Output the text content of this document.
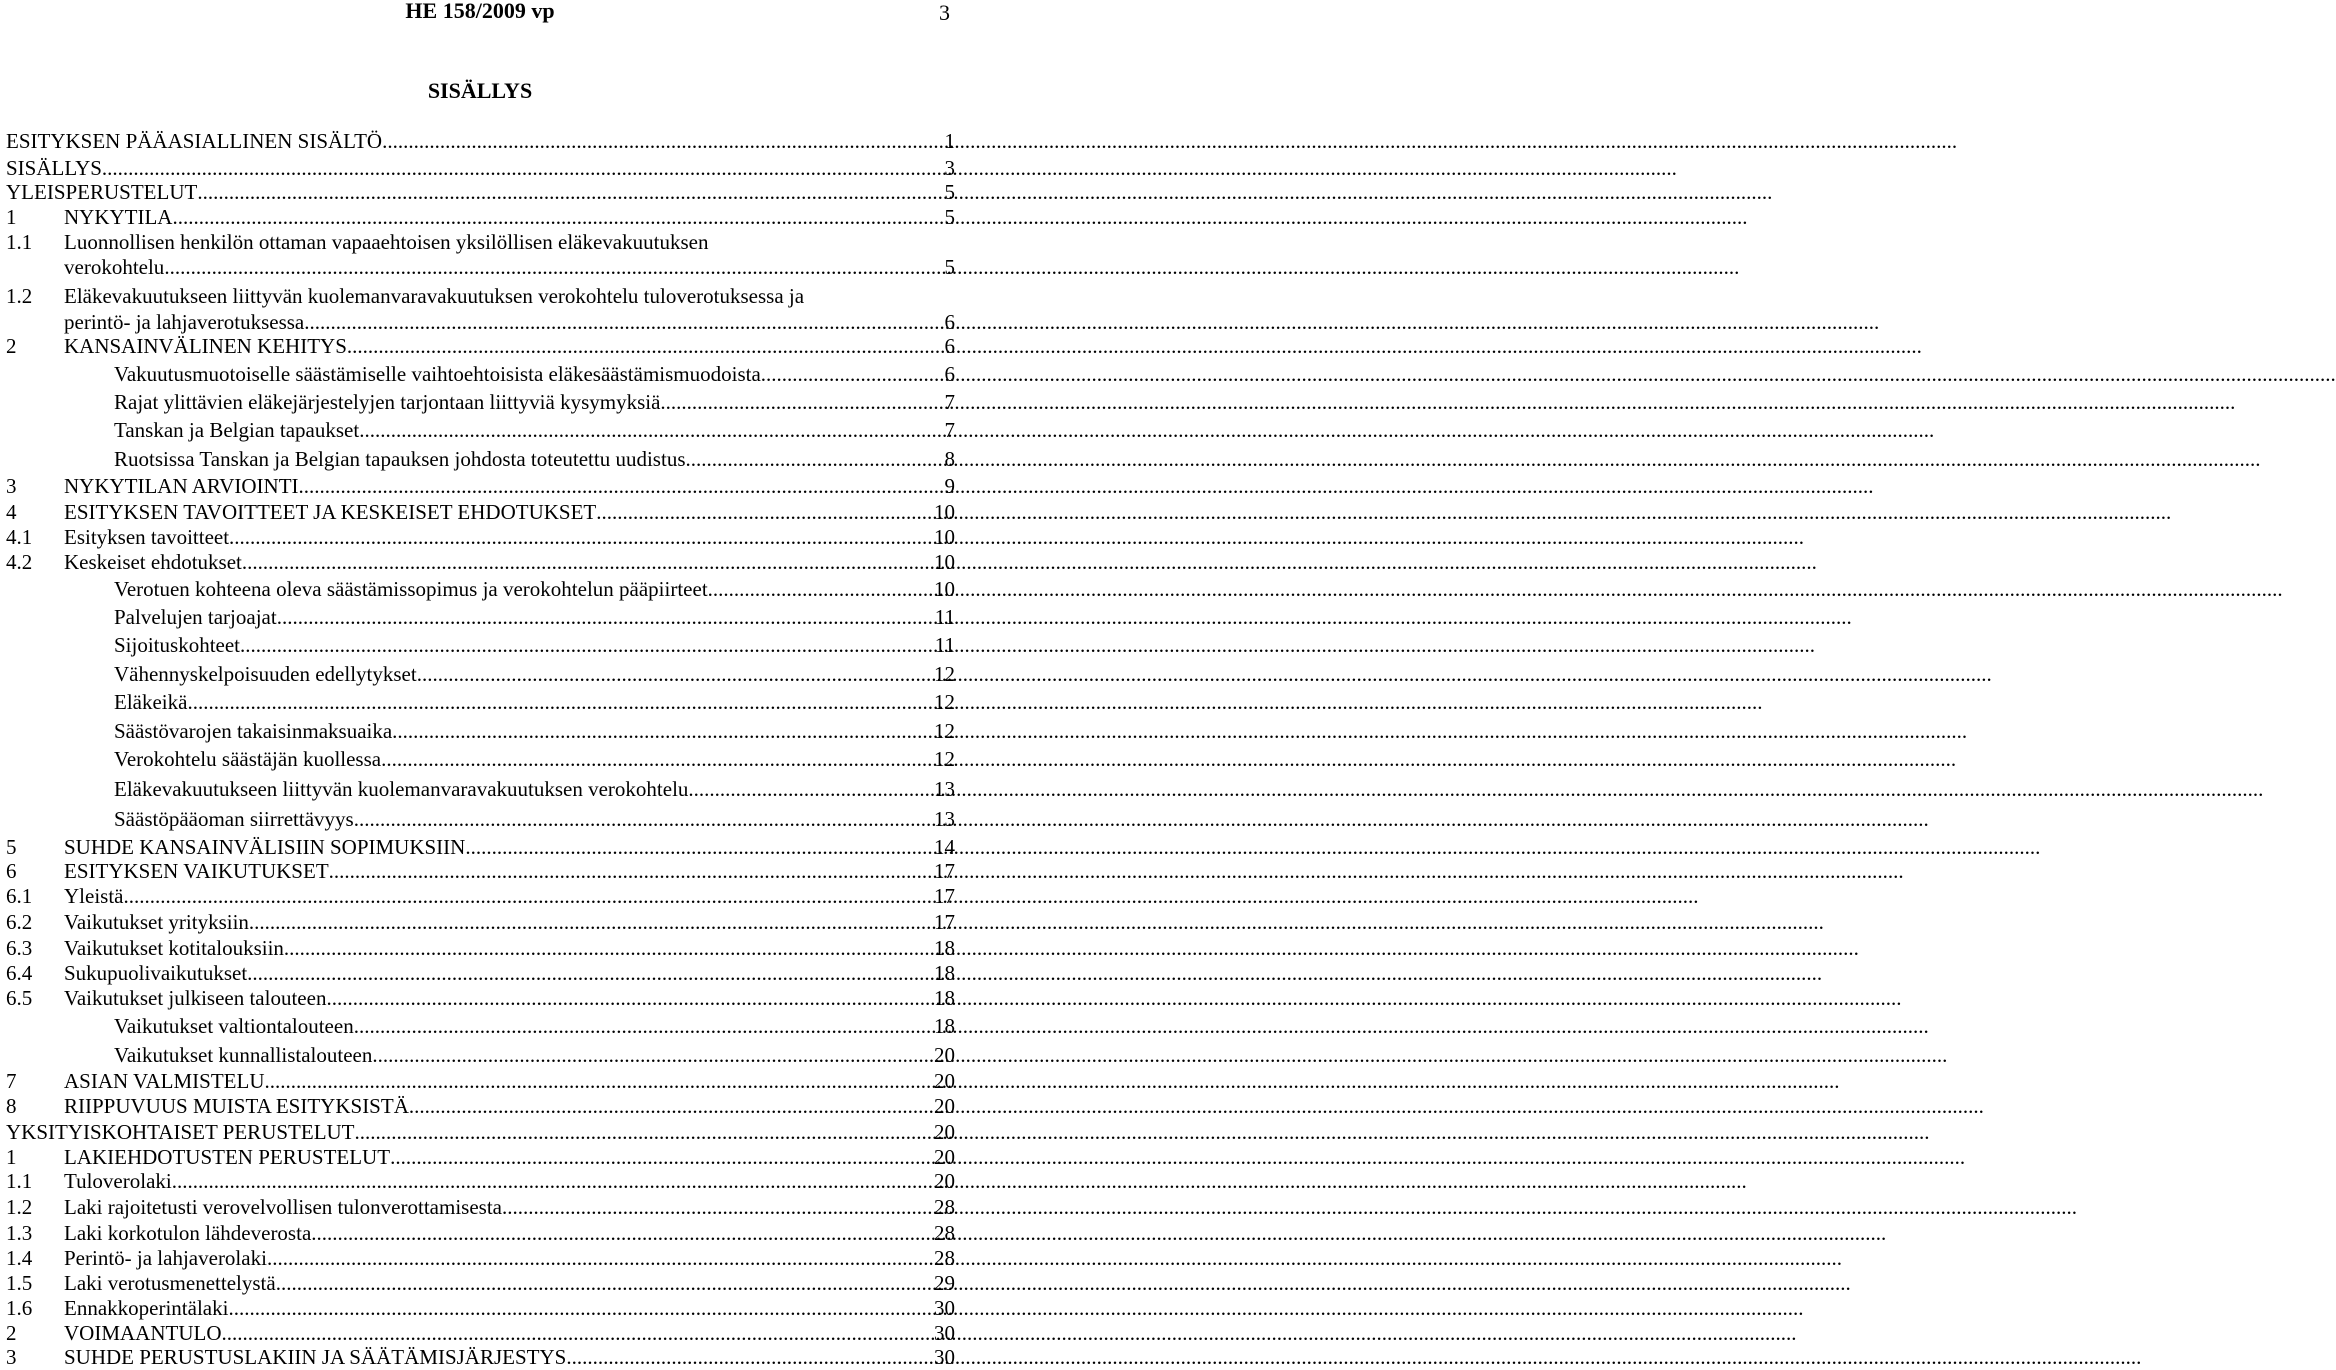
HE 158/2009 vp	3
SISÄLLYS
ESITYKSEN PÄÄASIALLINEN SISÄLTÖ .....	1
SISÄLLYS .....	3
YLEISPERUSTELUT .....	5
1	NYKYTILA .....	5
1.1	Luonnollisen henkilön ottaman vapaaehtoisen yksilöllisen eläkevakuutuksen
verokohtelu .....	5
1.2	Eläkevakuutukseen liittyvän kuolemanvaravakuutuksen verokohtelu tuloverotuksessa ja
perintö- ja lahjaverotuksessa .....	6
2	KANSAINVÄLINEN KEHITYS .....	6
Vakuutusmuotoiselle säästämiselle vaihtoehtoisista eläkesäästämismuodoista .....	6
Rajat ylittävien eläkejärjestelyjen tarjontaan liittyviä kysymyksiä .....	7
Tanskan ja Belgian tapaukset .....	7
Ruotsissa Tanskan ja Belgian tapauksen johdosta toteutettu uudistus .....	8
3	NYKYTILAN ARVIOINTI .....	9
4	ESITYKSEN TAVOITTEET JA KESKEISET EHDOTUKSET .....	10
4.1	Esityksen tavoitteet .....	10
4.2	Keskeiset ehdotukset .....	10
Verotuen kohteena oleva säästämissopimus ja verokohtelun pääpiirteet .....	10
Palvelujen tarjoajat .....	11
Sijoituskohteet .....	11
Vähennyskelpoisuuden edellytykset .....	12
Eläkeikä .....	12
Säästövarojen takaisinmaksuaika .....	12
Verokohtelu säästäjän kuollessa .....	12
Eläkevakuutukseen liittyvän kuolemanvaravakuutuksen verokohtelu .....	13
Säästöpääoman siirrettävyys .....	13
5	SUHDE KANSAINVÄLISIIN SOPIMUKSIIN .....	14
6	ESITYKSEN VAIKUTUKSET .....	17
6.1	Yleistä .....	17
6.2	Vaikutukset yrityksiin .....	17
6.3	Vaikutukset kotitalouksiin .....	18
6.4	Sukupuolivaikutukset .....	18
6.5	Vaikutukset julkiseen talouteen .....	18
Vaikutukset valtiontalouteen .....	18
Vaikutukset kunnallistalouteen .....	20
7	ASIAN VALMISTELU .....	20
8	RIIPPUVUUS MUISTA ESITYKSISTÄ .....	20
YKSITYISKOHTAISET PERUSTELUT .....	20
1	LAKIEHDOTUSTEN PERUSTELUT .....	20
1.1	Tuloverolaki .....	20
1.2	Laki rajoitetusti verovelvollisen tulonverottamisesta .....	28
1.3	Laki korkotulon lähdeverosta .....	28
1.4	Perintö- ja lahjaverolaki .....	28
1.5	Laki verotusmenettelystä .....	29
1.6	Ennakkoperintälaki .....	30
2	VOIMAANTULO .....	30
3	SUHDE PERUSTUSLAKIIN JA SÄÄTÄMISJÄRJESTYS .....	30
